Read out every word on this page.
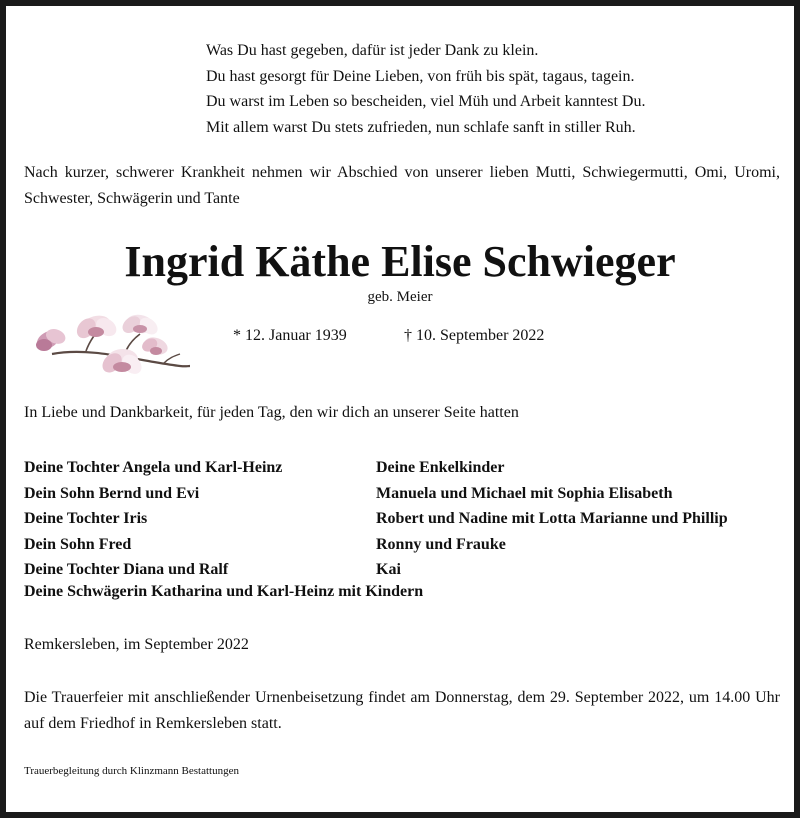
Was Du hast gegeben, dafür ist jeder Dank zu klein.
Du hast gesorgt für Deine Lieben, von früh bis spät, tagaus, tagein.
Du warst im Leben so bescheiden, viel Müh und Arbeit kanntest Du.
Mit allem warst Du stets zufrieden, nun schlafe sanft in stiller Ruh.
Nach kurzer, schwerer Krankheit nehmen wir Abschied von unserer lieben Mutti, Schwiegermutti, Omi, Uromi, Schwester, Schwägerin und Tante
Ingrid Käthe Elise Schwieger
geb. Meier
* 12. Januar 1939	† 10. September 2022
In Liebe und Dankbarkeit, für jeden Tag, den wir dich an unserer Seite hatten
Deine Tochter Angela und Karl-Heinz
Dein Sohn Bernd und Evi
Deine Tochter Iris
Dein Sohn Fred
Deine Tochter Diana und Ralf
Deine Enkelkinder
Manuela und Michael mit Sophia Elisabeth
Robert und Nadine mit Lotta Marianne und Phillip
Ronny und Frauke
Kai
Deine Schwägerin Katharina und Karl-Heinz mit Kindern
Remkersleben, im September 2022
Die Trauerfeier mit anschließender Urnenbeisetzung findet am Donnerstag, dem 29. September 2022, um 14.00 Uhr auf dem Friedhof in Remkersleben statt.
Trauerbegleitung durch Klinzmann Bestattungen
